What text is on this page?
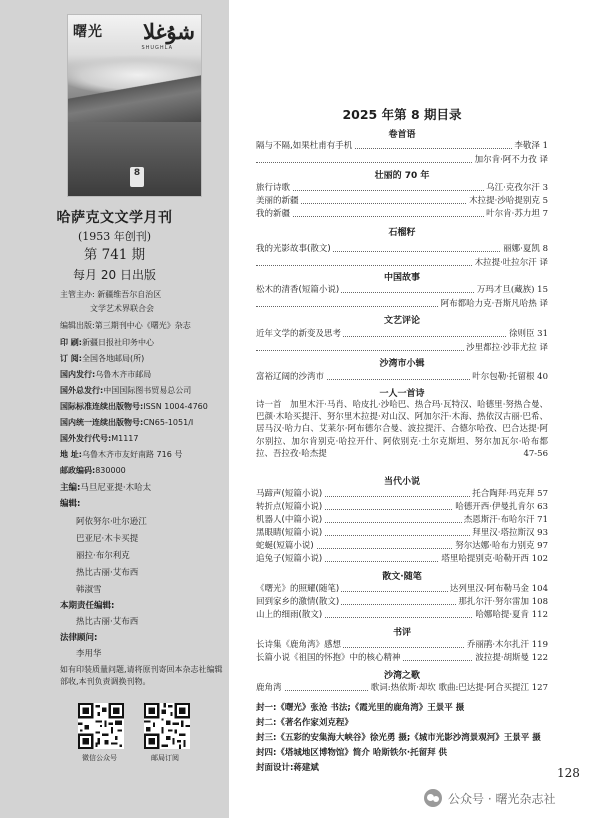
曙光 شۇغلا
SHUGHLA
8
哈萨克文文学月刊
(1953 年创刊)
第 741 期
每月 20 日出版
主管主办: 新疆维吾尔自治区
文学艺术界联合会
编辑出版:第三期刊中心《曙光》杂志
印 刷:新疆日报社印务中心
订 阅:全国各地邮局(所)
国内发行:乌鲁木齐市邮局
国外总发行:中国国际图书贸易总公司
国际标准连续出版物号:ISSN 1004-4760
国内统一连续出版物号:CN65-1051/I
国外发行代号:M1117
地 址:乌鲁木齐市友好南路 716 号
邮政编码:830000
主编:马旦尼亚提·木哈太
编辑:
阿依努尔·吐尔逊江
巴亚尼·木卡买提
丽拉·布尔利克
热比古丽·艾布西
韩淑雪
本期责任编辑:
热比古丽·艾布西
法律顾问:
李用华
如有印装质量问题,请将原刊寄回本杂志社编辑部收,本刊负责调换刊物。
微信公众号	邮局订阅
2025 年第 8 期目录
卷首语
隔与不隔,如果杜甫有手机	李敬泽 1
加尔肯·阿不力孜 译
壮丽的 70 年
旅行诗歌	乌江·克孜尔汗 3
美丽的新疆	木拉提·沙哈提别克 5
我的新疆	叶尔肯·苏力坦 7
石榴籽
我的光影故事(散文)	丽娜·夏凯 8
木拉提·吐拉尔汗 译
中国故事
松木的清香(短篇小说)	万玛才旦(藏族) 15
阿布都哈力克·吾斯凡哈热 译
文艺评论
近年文学的新变及思考	徐则臣 31
沙里都拉·沙菲尤拉 译
沙湾市小辑
富裕辽阔的沙湾市	叶尔包勒·托留根 40
一人一首诗
诗一首　 加里木汗·马肖、哈皮扎·沙哈巴、热合玛·瓦特汉、哈德里·努热合曼、巴颜·木哈买提汗、努尔里木拉提·对山汉、阿加尔汗·木海、热依汉古丽·巴希、居马汉·哈力白、艾莱尔·阿布德尔合曼、波拉提汗、合德尔哈孜、巴合达提·阿尔别拉、加尔肯别克·哈拉开什、阿依别克·土尔克斯坦、努尔加瓦尔·哈布都拉、吾拉孜·哈杰提　	47-56
当代小说
马蹄声(短篇小说)	托合陶拜·玛克拜 57
转折点(短篇小说)	哈德开西·伊曼扎肯尔 63
机器人(中篇小说)	杰恩斯汗·布哈尔汗 71
黑眼睛(短篇小说)	拜里汉·塔拉斯汉 93
蛇蜒(短篇小说)	努尔达娜·哈布力别克 97
追兔子(短篇小说)	塔里哈提别克·哈勒开西 102
散文·随笔
《曙光》的照耀(随笔)	达列里汉·阿布勒马金 104
回到家乡的激情(散文)	那扎尔汗·努尔雷加 108
山上的细雨(散文)	哈娜哈提·夏肯 112
书评
长诗集《鹿角湾》感想	乔丽鹃·木尔扎汗 119
长篇小说《祖国的怀抱》中的核心精神	波拉提·胡斯曼 122
沙湾之歌
鹿角湾	歌词:热依斯·却坎 歌曲:巴达提·阿合买提江 127
封一:《曙光》张沧 书法;《霞光里的鹿角湾》王景平 摄
封二:《著名作家刘克程》
封三:《五彩的安集海大峡谷》徐光勇 摄;《城市光影沙湾景观河》王景平 摄
封四:《塔城地区博物馆》简介 哈斯铁尔·托留拜 供
封面设计:蒋建斌	128
公众号 · 曙光杂志社
